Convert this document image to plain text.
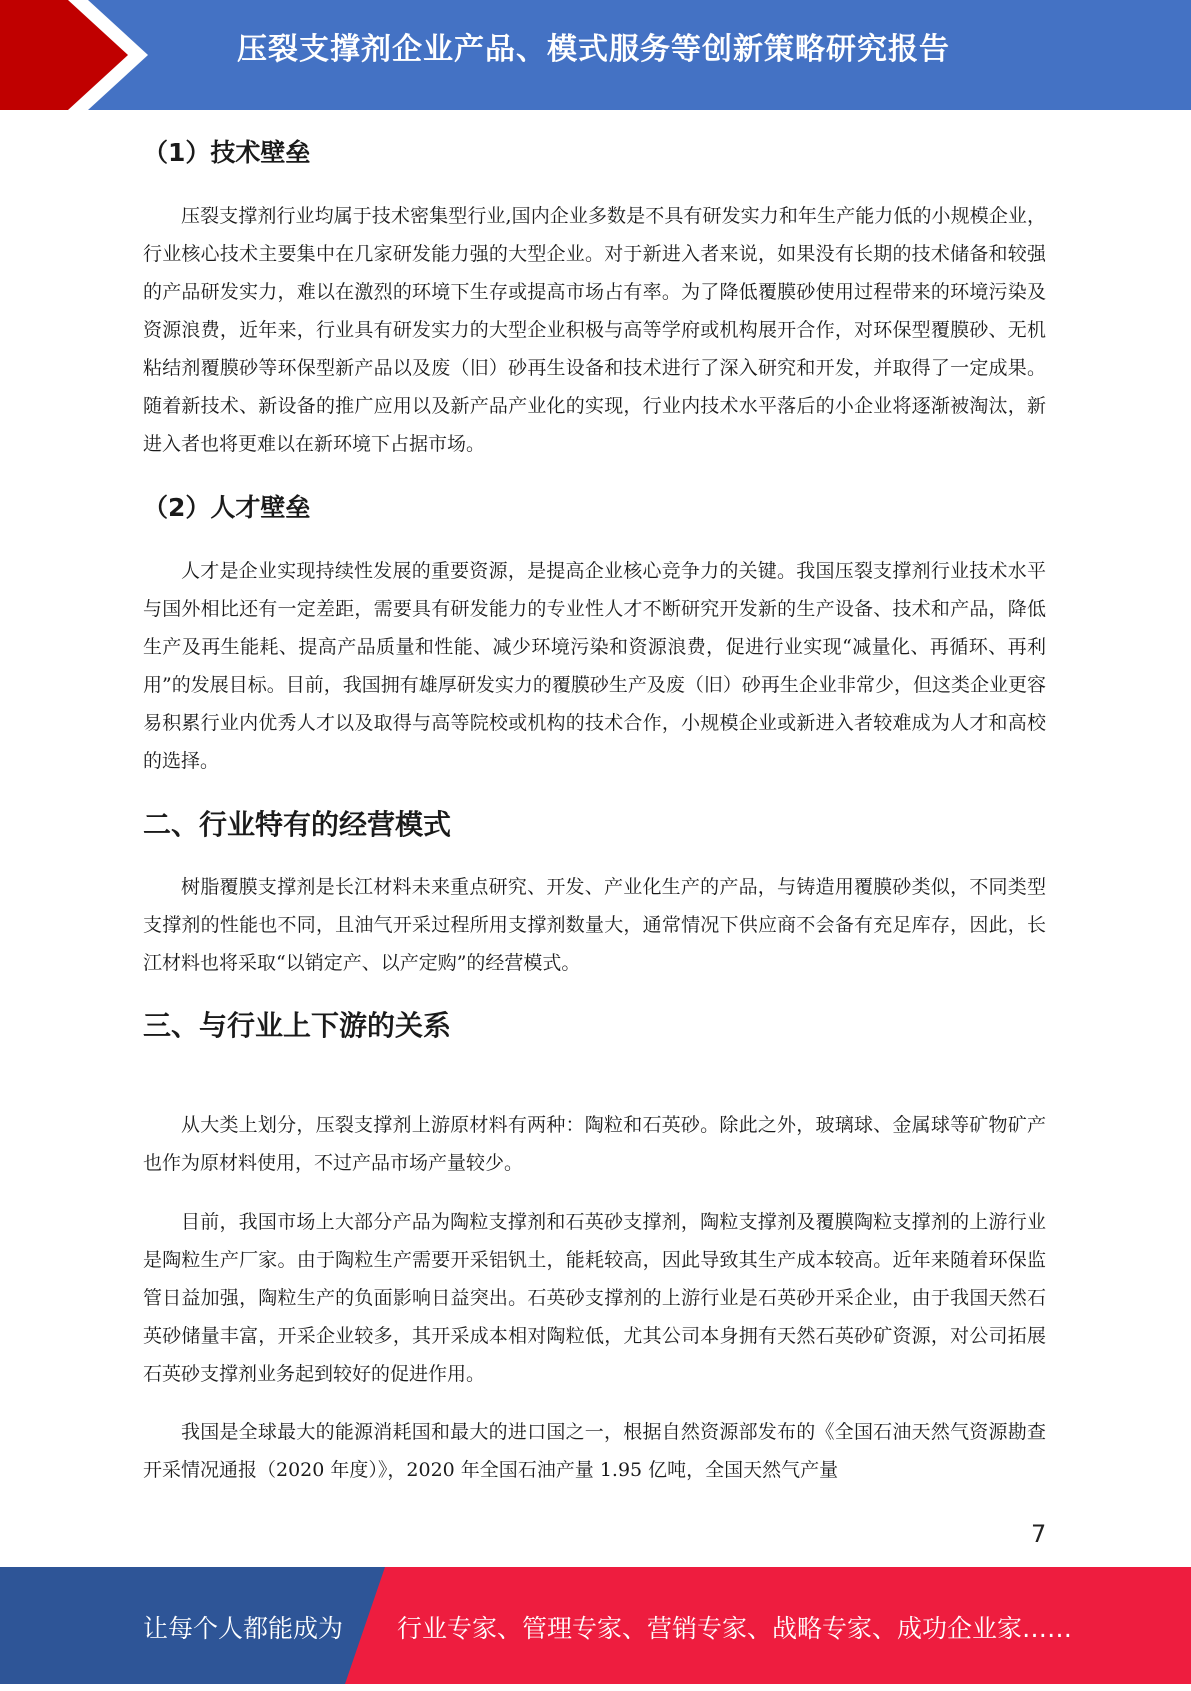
压裂支撑剂企业产品、模式服务等创新策略研究报告
（1）技术壁垒

压裂支撑剂行业均属于技术密集型行业,国内企业多数是不具有研发实力和年生产能力低的小规模企业，行业核心技术主要集中在几家研发能力强的大型企业。对于新进入者来说，如果没有长期的技术储备和较强的产品研发实力，难以在激烈的环境下生存或提高市场占有率。为了降低覆膜砂使用过程带来的环境污染及资源浪费，近年来，行业具有研发实力的大型企业积极与高等学府或机构展开合作，对环保型覆膜砂、无机粘结剂覆膜砂等环保型新产品以及废（旧）砂再生设备和技术进行了深入研究和开发，并取得了一定成果。随着新技术、新设备的推广应用以及新产品产业化的实现，行业内技术水平落后的小企业将逐渐被淘汰，新进入者也将更难以在新环境下占据市场。

（2）人才壁垒

人才是企业实现持续性发展的重要资源，是提高企业核心竞争力的关键。我国压裂支撑剂行业技术水平与国外相比还有一定差距，需要具有研发能力的专业性人才不断研究开发新的生产设备、技术和产品，降低生产及再生能耗、提高产品质量和性能、减少环境污染和资源浪费，促进行业实现“减量化、再循环、再利用”的发展目标。目前，我国拥有雄厚研发实力的覆膜砂生产及废（旧）砂再生企业非常少，但这类企业更容易积累行业内优秀人才以及取得与高等院校或机构的技术合作，小规模企业或新进入者较难成为人才和高校的选择。

二、行业特有的经营模式

树脂覆膜支撑剂是长江材料未来重点研究、开发、产业化生产的产品，与铸造用覆膜砂类似，不同类型支撑剂的性能也不同，且油气开采过程所用支撑剂数量大，通常情况下供应商不会备有充足库存，因此，长江材料也将采取“以销定产、以产定购”的经营模式。

三、与行业上下游的关系

从大类上划分，压裂支撑剂上游原材料有两种：陶粒和石英砂。除此之外，玻璃球、金属球等矿物矿产也作为原材料使用，不过产品市场产量较少。

目前，我国市场上大部分产品为陶粒支撑剂和石英砂支撑剂，陶粒支撑剂及覆膜陶粒支撑剂的上游行业是陶粒生产厂家。由于陶粒生产需要开采铝钒土，能耗较高，因此导致其生产成本较高。近年来随着环保监管日益加强，陶粒生产的负面影响日益突出。石英砂支撑剂的上游行业是石英砂开采企业，由于我国天然石英砂储量丰富，开采企业较多，其开采成本相对陶粒低，尤其公司本身拥有天然石英砂矿资源，对公司拓展石英砂支撑剂业务起到较好的促进作用。

我国是全球最大的能源消耗国和最大的进口国之一，根据自然资源部发布的《全国石油天然气资源勘查开采情况通报（2020 年度）》，2020 年全国石油产量 1.95 亿吨，全国天然气产量

7
让每个人都能成为 行业专家、管理专家、营销专家、战略专家、成功企业家……
